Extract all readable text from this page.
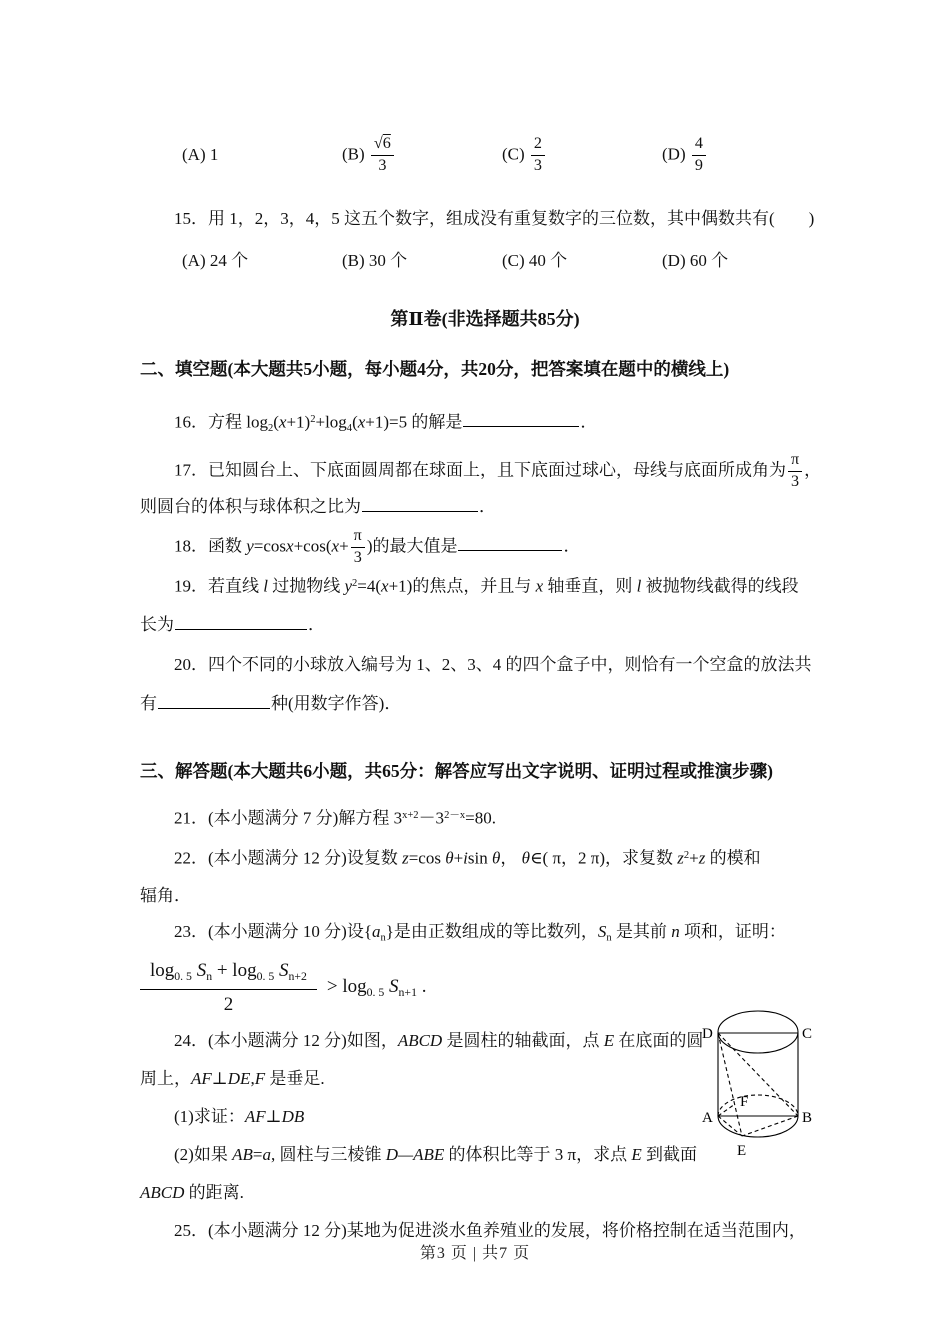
(A) 1	$(B) \frac{√6}{3}$	$(C) \frac{2}{3}$	$(D) \frac{4}{9}$
15．用 1，2，3，4，5 这五个数字，组成没有重复数字的三位数，其中偶数共有(　　)
(A) 24 个	(B) 30 个	(C) 40 个	(D) 60 个
第Ⅱ卷(非选择题共85分)
二、填空题(本大题共5小题，每小题4分，共20分，把答案填在题中的横线上)
16．方程 $\log_2(x+1)^2+\log_4(x+1)=5$ 的解是	．
17．已知圆台上、下底面圆周都在球面上，且下底面过球心，母线与底面所成角为 $\frac{\pi}{3}$ ，
则圆台的体积与球体积之比为	．
18．函数 $y=\cos x+\cos(x+ \frac{\pi}{3}$ )的最大值是	．
19．若直线 l 过抛物线 $y^2=4(x+1)$的焦点，并且与 x 轴垂直，则 l 被抛物线截得的线段
长为	．
20．四个不同的小球放入编号为 1、2、3、4 的四个盒子中，则恰有一个空盒的放法共
有	种(用数字作答)．
三、解答题(本大题共6小题，共65分：解答应写出文字说明、证明过程或推演步骤)
21．(本小题满分 7 分)解方程 $3^{x+2}-3^{2-x}=80$.
22．(本小题满分 12 分)设复数 z=cos θ+isin θ， θ∈( π，2 π)，求复数 $z^2+z$ 的模和
辐角．
23．(本小题满分 10 分)设$\{a_n\}$是由正数组成的等比数列，$S_n$ 是其前 n 项和，证明：
$\frac{\log_{0. 5} S_n + \log_{0. 5} S_{n+2}}{2} > \log_{0. 5} S_{n+1}$ .
24．(本小题满分 12 分)如图，ABCD 是圆柱的轴截面，点 E 在底面的圆
周上，AF⊥DE,F 是垂足.
(1)求证：AF⊥DB
(2)如果 AB=a, 圆柱与三棱锥 D—ABE 的体积比等于 3 π，求点 E 到截面
ABCD 的距离.
25．(本小题满分 12 分)某地为促进淡水鱼养殖业的发展，将价格控制在适当范围内，
D	C
A	B
F
E
第3 页 | 共7 页
